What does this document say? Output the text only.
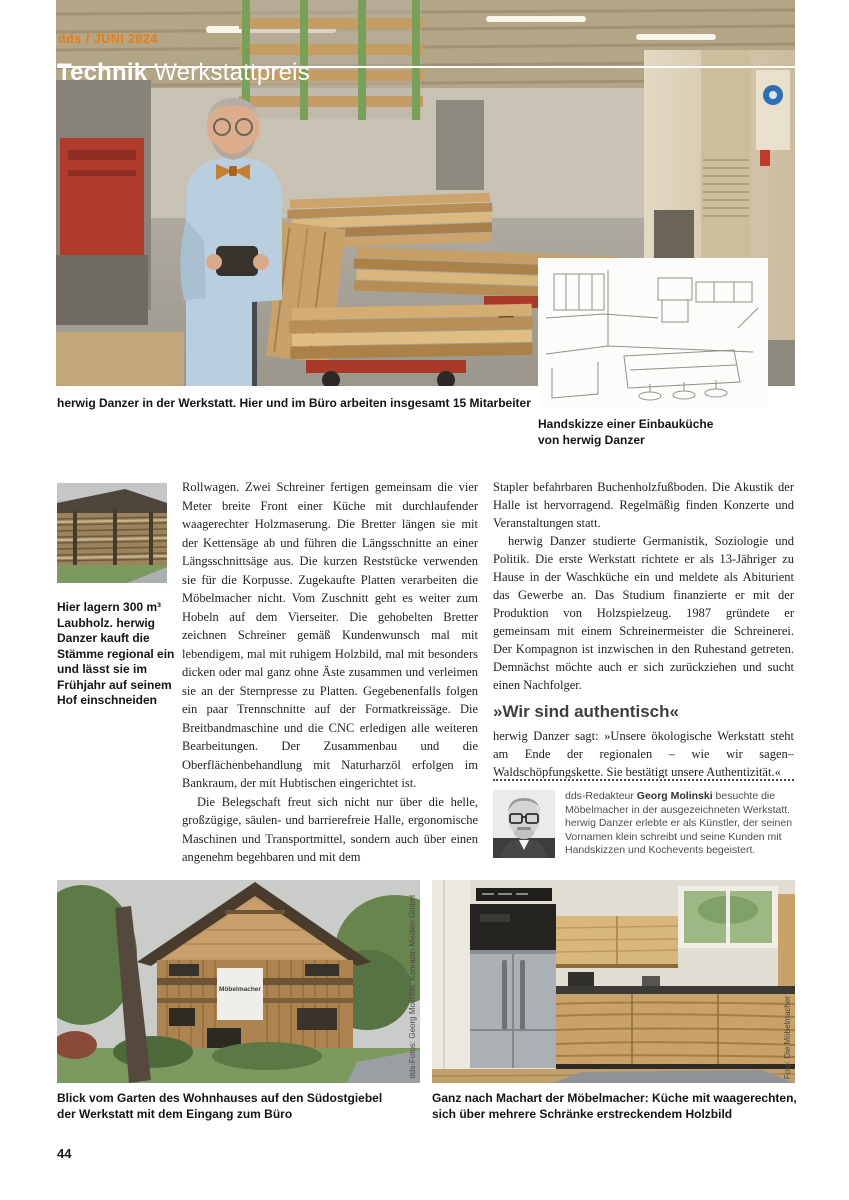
dds / JUNI 2024
Technik Werkstattpreis
herwig Danzer in der Werkstatt. Hier und im Büro arbeiten insgesamt 15 Mitarbeiter
Handskizze einer Einbauküche
von herwig Danzer
Hier lagern 300 m³
Laubholz. herwig
Danzer kauft die
Stämme regional ein
und lässt sie im
Frühjahr auf seinem
Hof einschneiden

Rollwagen. Zwei Schreiner fertigen gemeinsam die vier Meter breite Front einer Küche mit durchlaufender waagerechter Holzmaserung. Die Bretter längen sie mit der Kettensäge ab und führen die Längsschnitte an einer Längsschnittsäge aus. Die kurzen Reststücke verwenden sie für die Korpusse. Zugekaufte Platten verarbeiten die Möbelmacher nicht. Vom Zuschnitt geht es weiter zum Hobeln auf dem Vierseiter. Die gehobelten Bretter zeichnen Schreiner gemäß Kundenwunsch mal mit lebendigem, mal mit ruhigem Holzbild, mal mit besonders dicken oder mal ganz ohne Äste zusammen und verleimen sie an der Sternpresse zu Platten. Gegebenenfalls folgen ein paar Trennschnitte auf der Formatkreissäge. Die Breitbandmaschine und die CNC erledigen alle weiteren Bearbeitungen. Der Zusammenbau und die Oberflächenbehandlung mit Naturharzöl erfolgen im Bankraum, der mit Hubtischen eingerichtet ist.

Die Belegschaft freut sich nicht nur über die helle, großzügige, säulen- und barrierefreie Halle, ergonomische Maschinen und Transportmittel, sondern auch über einen angenehm begehbaren und mit dem

Stapler befahrbaren Buchenholzfußboden. Die Akustik der Halle ist hervorragend. Regelmäßig finden Konzerte und Veranstaltungen statt.

herwig Danzer studierte Germanistik, Soziologie und Politik. Die erste Werkstatt richtete er als 13-Jähriger zu Hause in der Waschküche ein und meldete als Abiturient das Gewerbe an. Das Studium finanzierte er mit der Produktion von Holzspielzeug. 1987 gründete er gemeinsam mit einem Schreinermeister die Schreinerei. Der Kompagnon ist inzwischen in den Ruhestand getreten. Demnächst möchte auch er sich zurückziehen und sucht einen Nachfolger.

»Wir sind authentisch«

herwig Danzer sagt: »Unsere ökologische Werkstatt steht am Ende der regionalen – wie wir sagen– Waldschöpfungskette. Sie bestätigt unsere Authentizität.«

dds-Redakteur Georg Molinski besuchte die Möbelmacher in der ausgezeichneten Werkstatt. herwig Danzer erlebte er als Künstler, der seinen Vornamen klein schreibt und seine Kunden mit Handskizzen und Kochevents begeistert.

Möbelmacher	dds-Fotos: Georg Molinski, Konradin Medien GmbH	Foto: Die Möbelmacher
Blick vom Garten des Wohnhauses auf den Südostgiebel
der Werkstatt mit dem Eingang zum Büro
Ganz nach Machart der Möbelmacher: Küche mit waagerechten,
sich über mehrere Schränke erstreckendem Holzbild
44
